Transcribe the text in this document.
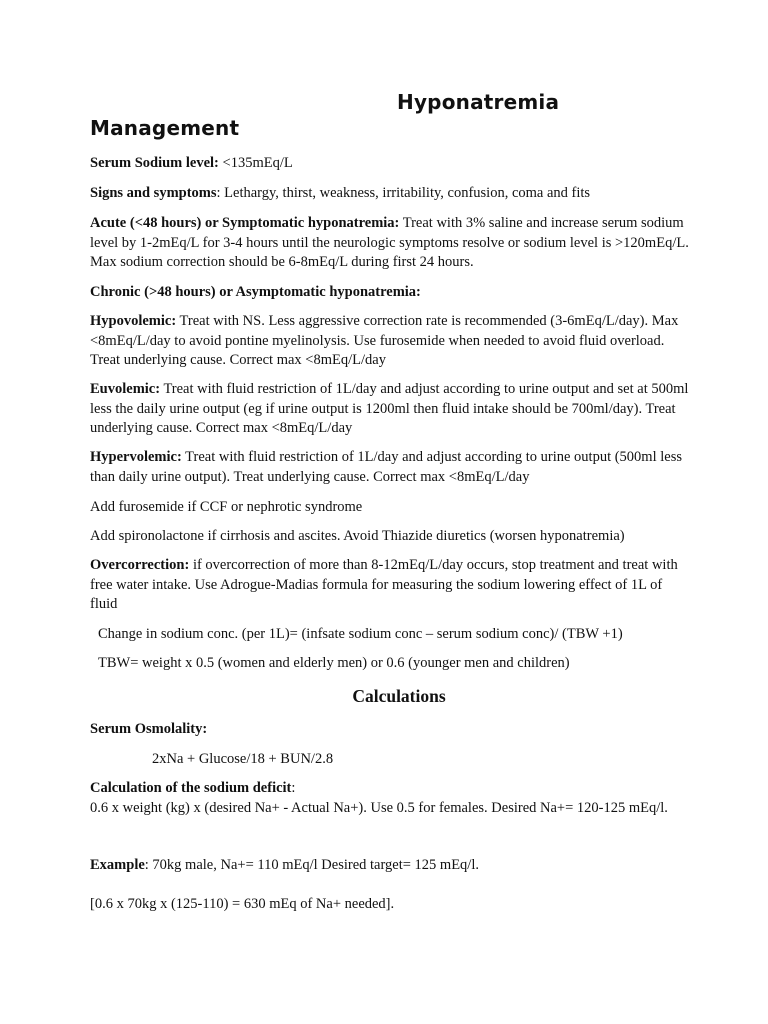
Hyponatremia
Management
Serum Sodium level: <135mEq/L
Signs and symptoms: Lethargy, thirst, weakness, irritability, confusion, coma and fits
Acute (<48 hours) or Symptomatic hyponatremia: Treat with 3% saline and increase serum sodium level by 1-2mEq/L for 3-4 hours until the neurologic symptoms resolve or sodium level is >120mEq/L. Max sodium correction should be 6-8mEq/L during first 24 hours.
Chronic (>48 hours) or Asymptomatic hyponatremia:
Hypovolemic: Treat with NS. Less aggressive correction rate is recommended (3-6mEq/L/day). Max <8mEq/L/day to avoid pontine myelinolysis. Use furosemide when needed to avoid fluid overload. Treat underlying cause. Correct max <8mEq/L/day
Euvolemic: Treat with fluid restriction of 1L/day and adjust according to urine output and set at 500ml less the daily urine output (eg if urine output is 1200ml then fluid intake should be 700ml/day). Treat underlying cause. Correct max <8mEq/L/day
Hypervolemic: Treat with fluid restriction of 1L/day and adjust according to urine output (500ml less than daily urine output). Treat underlying cause. Correct max <8mEq/L/day
Add furosemide if CCF or nephrotic syndrome
Add spironolactone if cirrhosis and ascites. Avoid Thiazide diuretics (worsen hyponatremia)
Overcorrection: if overcorrection of more than 8-12mEq/L/day occurs, stop treatment and treat with free water intake. Use Adrogue-Madias formula for measuring the sodium lowering effect of 1L of fluid
Change in sodium conc. (per 1L)= (infsate sodium conc – serum sodium conc)/ (TBW +1)
TBW= weight x 0.5 (women and elderly men) or 0.6 (younger men and children)
Calculations
Serum Osmolality:
2xNa + Glucose/18 + BUN/2.8
Calculation of the sodium deficit:
0.6 x weight (kg) x (desired Na+ - Actual Na+). Use 0.5 for females. Desired Na+= 120-125 mEq/l.
Example: 70kg male, Na+= 110 mEq/l Desired target= 125 mEq/l.
[0.6 x 70kg x (125-110) = 630 mEq of Na+ needed].
